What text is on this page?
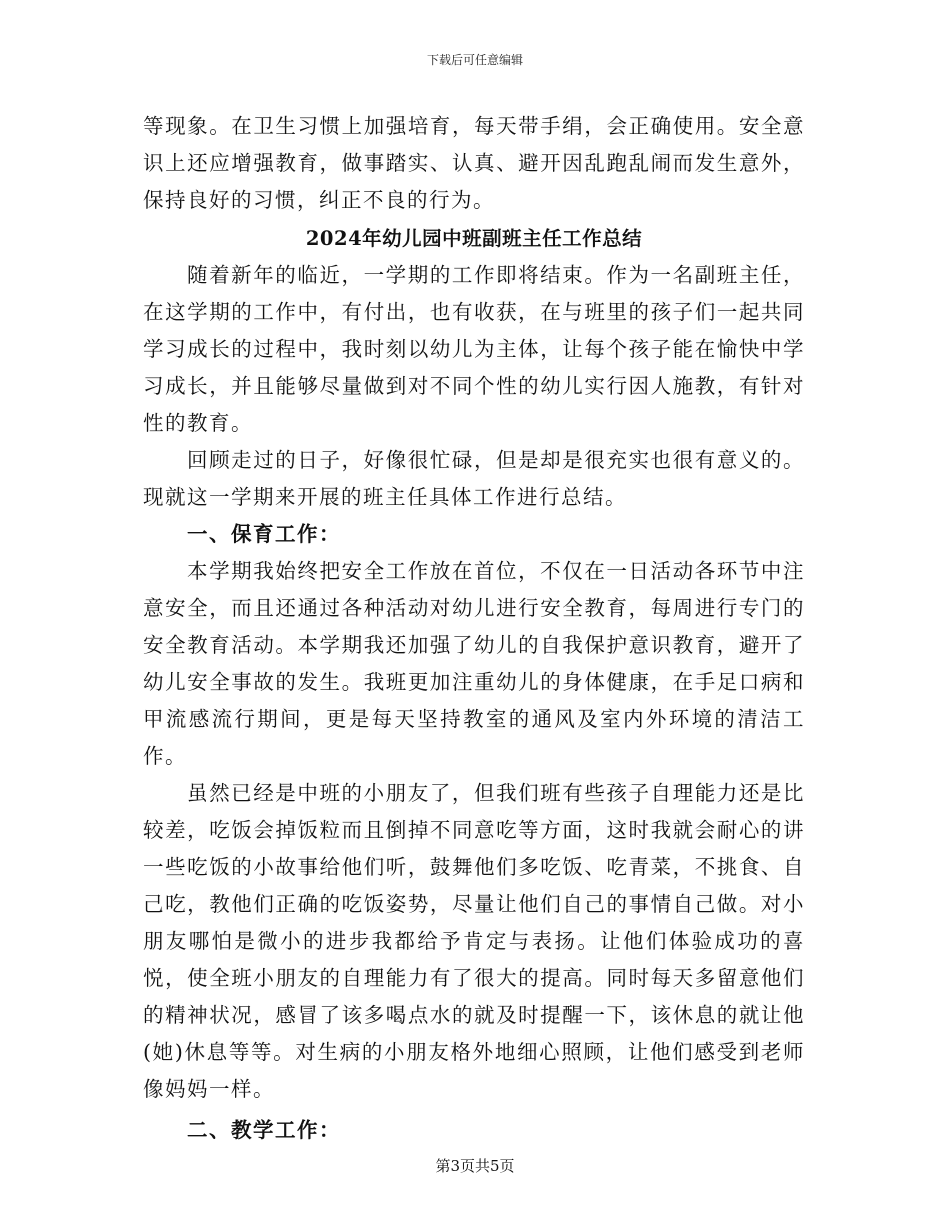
下载后可任意编辑

等现象。在卫生习惯上加强培育，每天带手绢，会正确使用。安全意识上还应增强教育，做事踏实、认真、避开因乱跑乱闹而发生意外，保持良好的习惯，纠正不良的行为。

2024年幼儿园中班副班主任工作总结

随着新年的临近，一学期的工作即将结束。作为一名副班主任，在这学期的工作中，有付出，也有收获，在与班里的孩子们一起共同学习成长的过程中，我时刻以幼儿为主体，让每个孩子能在愉快中学习成长，并且能够尽量做到对不同个性的幼儿实行因人施教，有针对性的教育。

回顾走过的日子，好像很忙碌，但是却是很充实也很有意义的。现就这一学期来开展的班主任具体工作进行总结。

一、保育工作：

本学期我始终把安全工作放在首位，不仅在一日活动各环节中注意安全，而且还通过各种活动对幼儿进行安全教育，每周进行专门的安全教育活动。本学期我还加强了幼儿的自我保护意识教育，避开了幼儿安全事故的发生。我班更加注重幼儿的身体健康，在手足口病和甲流感流行期间，更是每天坚持教室的通风及室内外环境的清洁工作。

虽然已经是中班的小朋友了，但我们班有些孩子自理能力还是比较差，吃饭会掉饭粒而且倒掉不同意吃等方面，这时我就会耐心的讲一些吃饭的小故事给他们听，鼓舞他们多吃饭、吃青菜，不挑食、自己吃，教他们正确的吃饭姿势，尽量让他们自己的事情自己做。对小朋友哪怕是微小的进步我都给予肯定与表扬。让他们体验成功的喜悦，使全班小朋友的自理能力有了很大的提高。同时每天多留意他们的精神状况，感冒了该多喝点水的就及时提醒一下，该休息的就让他(她)休息等等。对生病的小朋友格外地细心照顾，让他们感受到老师像妈妈一样。

二、教学工作：
第3页共5页
